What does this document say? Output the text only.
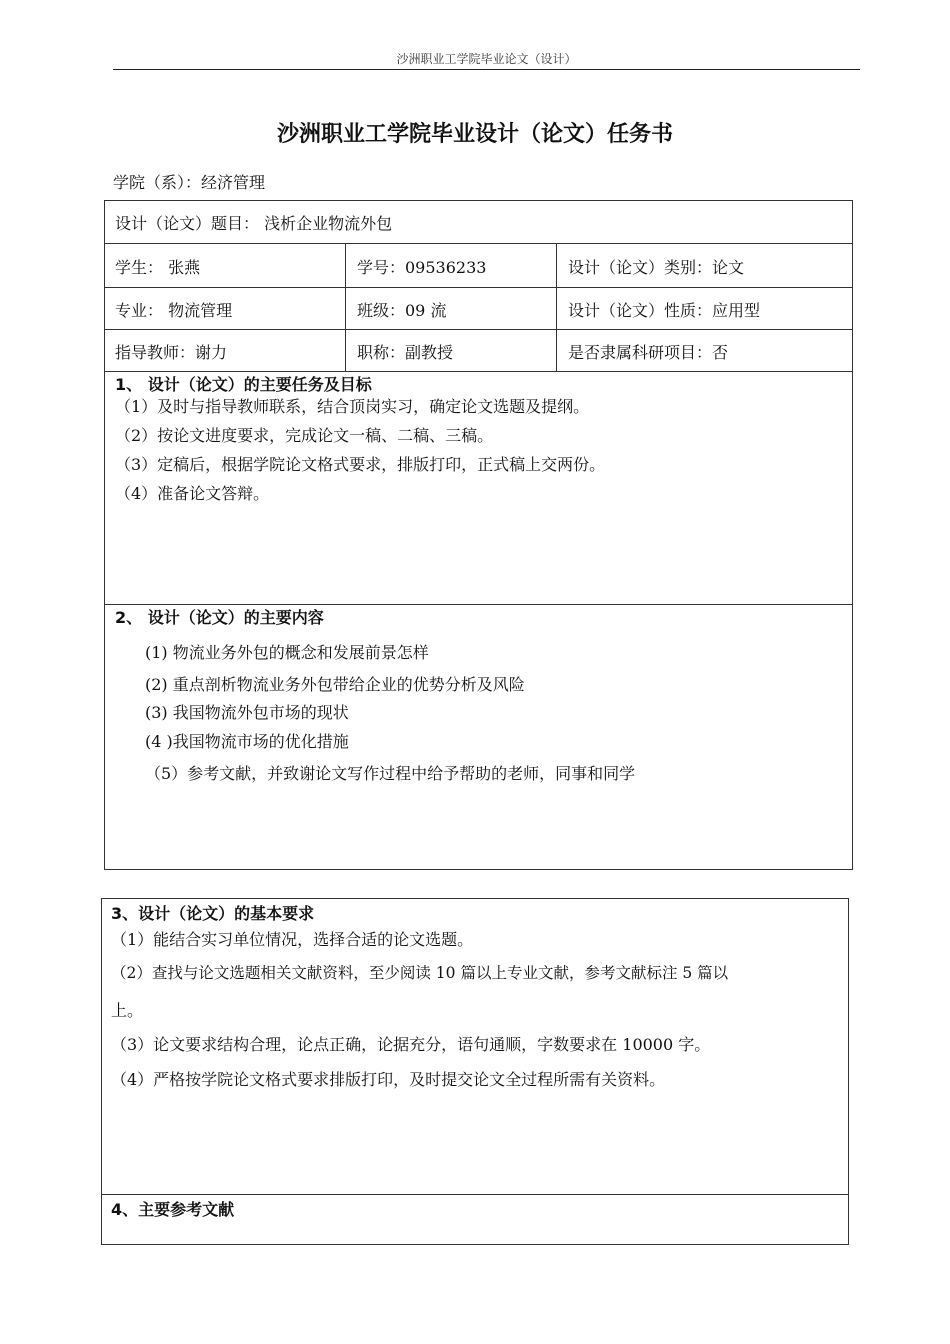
沙洲职业工学院毕业论文（设计）
沙洲职业工学院毕业设计（论文）任务书
学院（系）：经济管理
设计（论文）题目： 浅析企业物流外包
学生： 张燕	学号：09536233	设计（论文）类别：论文
专业： 物流管理	班级：09 流	设计（论文）性质：应用型
指导教师：谢力	职称：副教授	是否隶属科研项目：否
1、 设计（论文）的主要任务及目标
（1）及时与指导教师联系，结合顶岗实习，确定论文选题及提纲。
（2）按论文进度要求，完成论文一稿、二稿、三稿。
（3）定稿后，根据学院论文格式要求，排版打印，正式稿上交两份。
（4）准备论文答辩。
2、 设计（论文）的主要内容
(1) 物流业务外包的概念和发展前景怎样
(2) 重点剖析物流业务外包带给企业的优势分析及风险
(3) 我国物流外包市场的现状
(4 )我国物流市场的优化措施
（5）参考文献，并致谢论文写作过程中给予帮助的老师，同事和同学
3、设计（论文）的基本要求
（1）能结合实习单位情况，选择合适的论文选题。
（2）查找与论文选题相关文献资料，至少阅读 10 篇以上专业文献，参考文献标注 5 篇以
上。
（3）论文要求结构合理，论点正确，论据充分，语句通顺，字数要求在 10000 字。
（4）严格按学院论文格式要求排版打印，及时提交论文全过程所需有关资料。
4、主要参考文献
